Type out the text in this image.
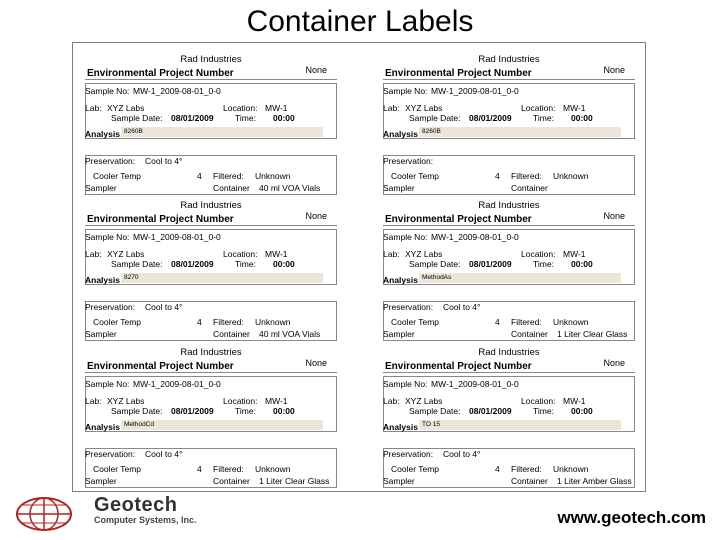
Container Labels
Rad Industries
Environmental Project Number	None
Analysis 8260B
Sample No: MW-1_2009-08-01_0-0
Lab: XYZ Labs	Location: MW-1
Sample Date: 08/01/2009	Time: 00:00
Preservation: Cool to 4°
Cooler Temp	4 Filtered: Unknown
Sampler	Container 40 ml VOA Vials
Rad Industries
Environmental Project Number	None
Analysis 8260B
Sample No: MW-1_2009-08-01_0-0
Lab: XYZ Labs	Location: MW-1
Sample Date: 08/01/2009	Time: 00:00
Preservation:
Cooler Temp	4 Filtered: Unknown
Sampler	Container
Rad Industries
Environmental Project Number	None
Analysis 8270
Sample No: MW-1_2009-08-01_0-0
Lab: XYZ Labs	Location: MW-1
Sample Date: 08/01/2009	Time: 00:00
Preservation: Cool to 4°
Cooler Temp	4 Filtered: Unknown
Sampler	Container 40 ml VOA Vials
Rad Industries
Environmental Project Number	None
Analysis MethodAs
Sample No: MW-1_2009-08-01_0-0
Lab: XYZ Labs	Location: MW-1
Sample Date: 08/01/2009	Time: 00:00
Preservation: Cool to 4°
Cooler Temp	4 Filtered: Unknown
Sampler	Container 1 Liter Clear Glass
Rad Industries
Environmental Project Number	None
Analysis MethodCd
Sample No: MW-1_2009-08-01_0-0
Lab: XYZ Labs	Location: MW-1
Sample Date: 08/01/2009	Time: 00:00
Preservation: Cool to 4°
Cooler Temp	4 Filtered: Unknown
Sampler	Container 1 Liter Clear Glass
Rad Industries
Environmental Project Number	None
Analysis TO 15
Sample No: MW-1_2009-08-01_0-0
Lab: XYZ Labs	Location: MW-1
Sample Date: 08/01/2009	Time: 00:00
Preservation: Cool to 4°
Cooler Temp	4 Filtered: Unknown
Sampler	Container 1 Liter Amber Glass
Geotech
Computer Systems, Inc.	www.geotech.com
